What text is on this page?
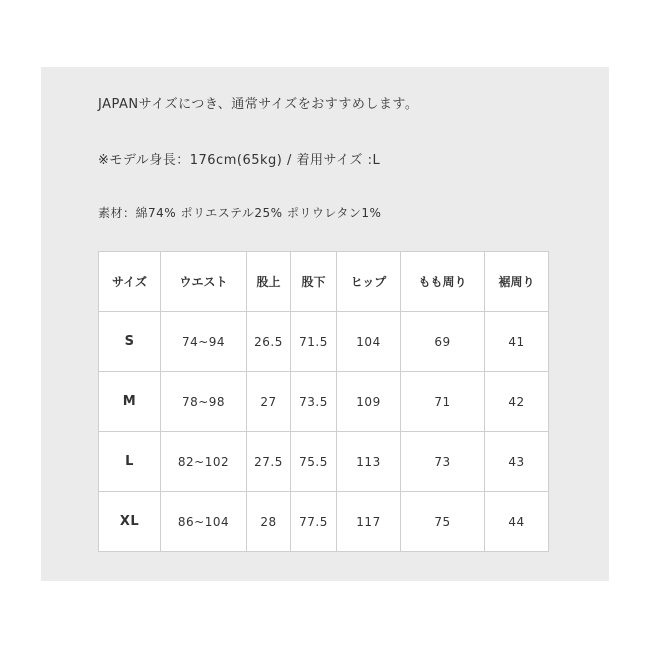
JAPANサイズにつき、通常サイズをおすすめします。
※モデル身長：176cm(65kg) / 着用サイズ :L
素材：綿74% ポリエステル25% ポリウレタン1%
サイズ	ウエスト	股上	股下	ヒップ	もも周り	裾周り
S	74~94	26.5	71.5	104	69	41
M	78~98	27	73.5	109	71	42
L	82~102	27.5	75.5	113	73	43
XL	86~104	28	77.5	117	75	44
